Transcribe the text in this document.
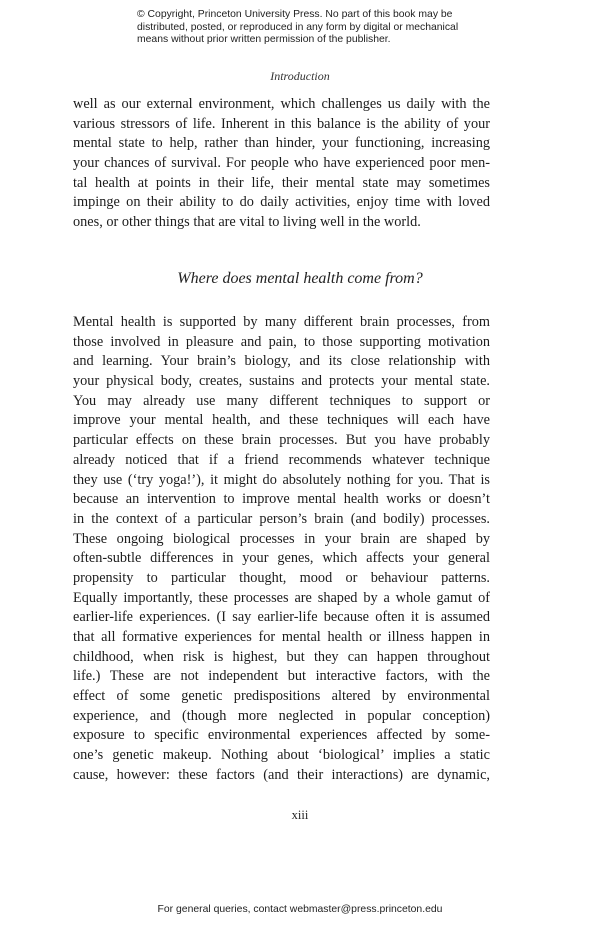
© Copyright, Princeton University Press. No part of this book may be
distributed, posted, or reproduced in any form by digital or mechanical
means without prior written permission of the publisher.
Introduction
well as our external environment, which challenges us daily with the
various stressors of life. Inherent in this balance is the ability of your
mental state to help, rather than hinder, your functioning, increasing
your chances of survival. For people who have experienced poor men-
tal health at points in their life, their mental state may sometimes
impinge on their ability to do daily activities, enjoy time with loved
ones, or other things that are vital to living well in the world.
Where does mental health come from?
Mental health is supported by many different brain processes, from
those involved in pleasure and pain, to those supporting motivation
and learning. Your brain’s biology, and its close relationship with
your physical body, creates, sustains and protects your mental state.
You may already use many different techniques to support or
improve your mental health, and these techniques will each have
particular effects on these brain processes. But you have probably
already noticed that if a friend recommends whatever technique
they use (‘try yoga!’), it might do absolutely nothing for you. That is
because an intervention to improve mental health works or doesn’t
in the context of a particular person’s brain (and bodily) processes.
These ongoing biological processes in your brain are shaped by
often-subtle differences in your genes, which affects your general
propensity to particular thought, mood or behaviour patterns.
Equally importantly, these processes are shaped by a whole gamut of
earlier-life experiences. (I say earlier-life because often it is assumed
that all formative experiences for mental health or illness happen in
childhood, when risk is highest, but they can happen throughout
life.) These are not independent but interactive factors, with the
effect of some genetic predispositions altered by environmental
experience, and (though more neglected in popular conception)
exposure to specific environmental experiences affected by some-
one’s genetic makeup. Nothing about ‘biological’ implies a static
cause, however: these factors (and their interactions) are dynamic,
xiii
For general queries, contact webmaster@press.princeton.edu
